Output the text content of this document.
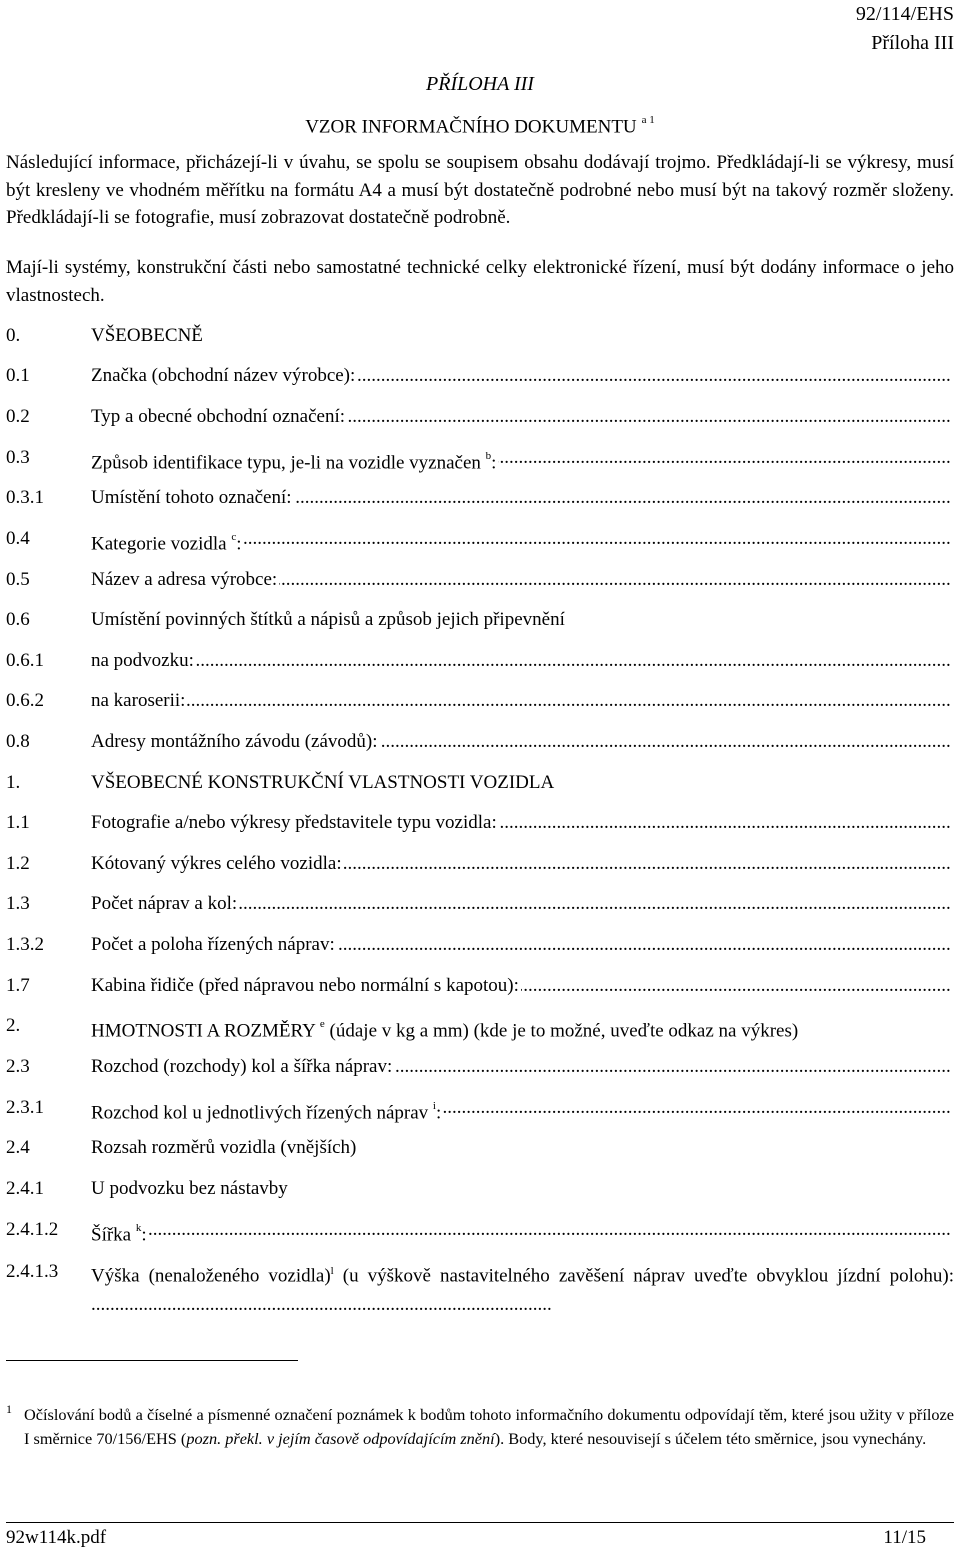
92/114/EHS
Příloha III
PŘÍLOHA III
VZOR INFORMAČNÍHO DOKUMENTU $^{a 1}$
Následující informace, přicházejí-li v úvahu, se spolu se soupisem obsahu dodávají trojmo. Předkládají-li se výkresy, musí být kresleny ve vhodném měřítku na formátu A4 a musí být dostatečně podrobné nebo musí být na takový rozměr složeny. Předkládají-li se fotografie, musí zobrazovat dostatečně podrobně.
Mají-li systémy, konstrukční části nebo samostatné technické celky elektronické řízení, musí být dodány informace o jeho vlastnostech.
0.	VŠEOBECNĚ
0.1 .....	Značka (obchodní název výrobce):
0.2 .....	Typ a obecné obchodní označení:
0.3 .....	Způsob identifikace typu, je-li na vozidle vyznačen $^b$:
0.3.1 ..... Umístění tohoto označení:
0.4 .....	Kategorie vozidla $^c$:
0.5 .....	Název a adresa výrobce:
0.6	Umístění povinných štítků a nápisů a způsob jejich připevnění
0.6.1 ..... na podvozku:
0.6.2 ..... na karoserii:
0.8 .....	Adresy montážního závodu (závodů):
1.	VŠEOBECNÉ KONSTRUKČNÍ VLASTNOSTI VOZIDLA
1.1 .....	Fotografie a/nebo výkresy představitele typu vozidla:
1.2 .....	Kótovaný výkres celého vozidla:
1.3 .....	Počet náprav a kol:
1.3.2 ..... Počet a poloha řízených náprav:
1.7 .....	Kabina řidiče (před nápravou nebo normální s kapotou):
2.	HMOTNOSTI A ROZMĚRY $^e$ (údaje v kg a mm) (kde je to možné, uveďte odkaz na výkres)
2.3 .....	Rozchod (rozchody) kol a šířka náprav:
2.3.1 ..... Rozchod kol u jednotlivých řízených náprav $^i$:
2.4	Rozsah rozměrů vozidla (vnějších)
2.4.1 U podvozku bez nástavby
2.4.1.2 ..... Šířka $^k$:
2.4.1.3 Výška (nenaloženého vozidla)$^l$ (u výškově nastavitelného zavěšení náprav uveďte obvyklou jízdní polohu): .................................................................................................
1 Očíslování bodů a číselné a písmenné označení poznámek k bodům tohoto informačního dokumentu odpovídají těm, které jsou užity v příloze I směrnice 70/156/EHS (pozn. překl. v jejím časově odpovídajícím znění). Body, které nesouvisejí s účelem této směrnice, jsou vynechány.
92w114k.pdf	11/15
